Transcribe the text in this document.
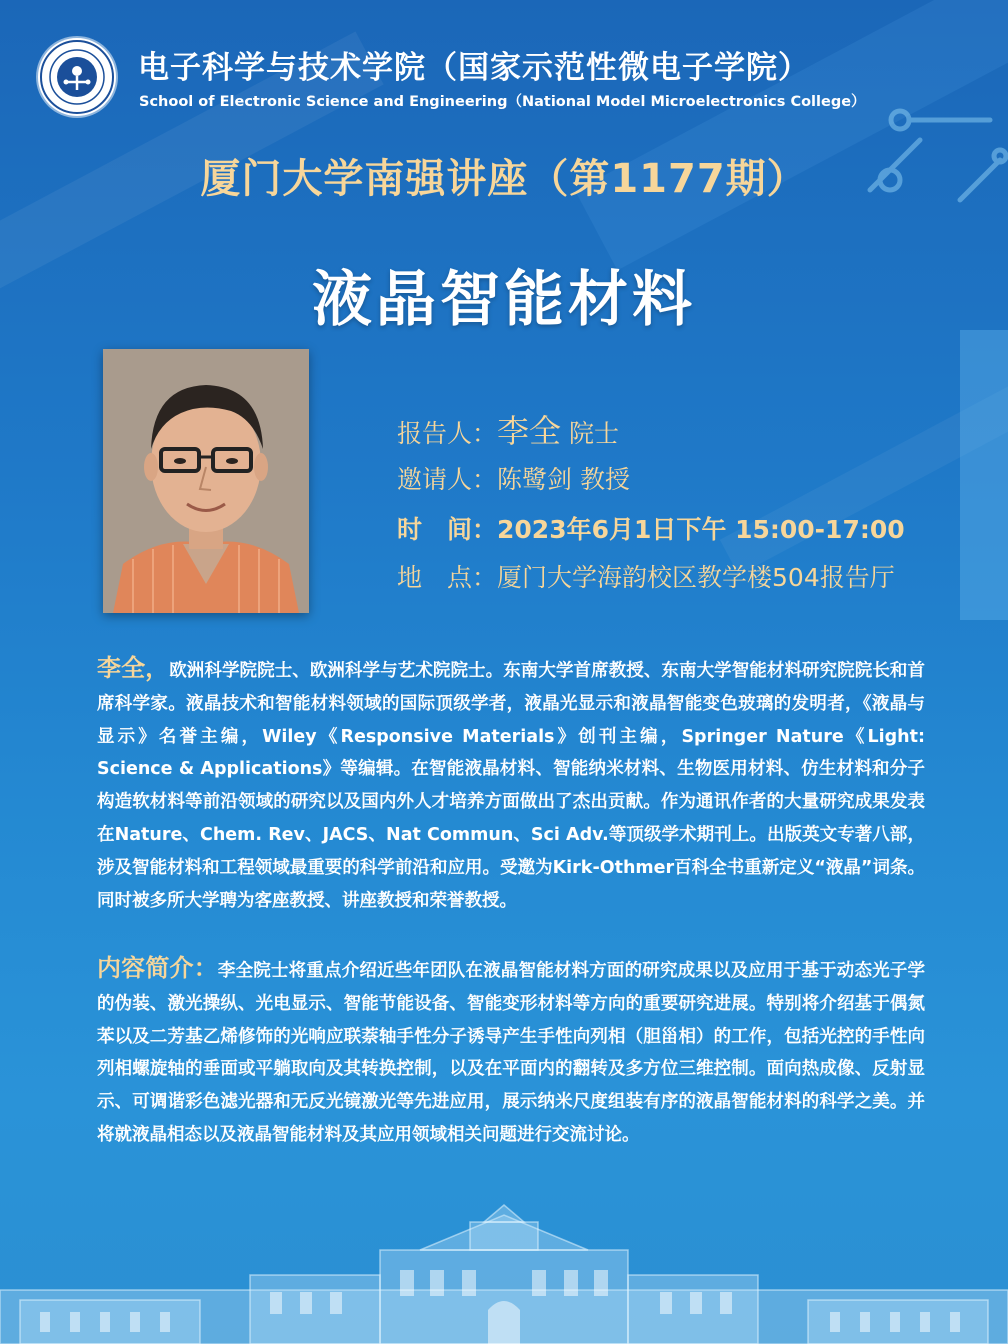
电子科学与技术学院（国家示范性微电子学院）
School of Electronic Science and Engineering（National Model Microelectronics College）
厦门大学南强讲座（第1177期）
液晶智能材料
报告人：李全 院士
邀请人：陈鹭剑 教授
时　间：2023年6月1日下午 15:00-17:00
地　点：厦门大学海韵校区教学楼504报告厅
李全，欧洲科学院院士、欧洲科学与艺术院院士。东南大学首席教授、东南大学智能材料研究院院长和首席科学家。液晶技术和智能材料领域的国际顶级学者，液晶光显示和液晶智能变色玻璃的发明者，《液晶与显示》名誉主编，Wiley《Responsive Materials》创刊主编，Springer Nature《Light: Science & Applications》等编辑。在智能液晶材料、智能纳米材料、生物医用材料、仿生材料和分子构造软材料等前沿领域的研究以及国内外人才培养方面做出了杰出贡献。作为通讯作者的大量研究成果发表在Nature、Chem. Rev、JACS、Nat Commun、Sci Adv.等顶级学术期刊上。出版英文专著八部，涉及智能材料和工程领域最重要的科学前沿和应用。受邀为Kirk-Othmer百科全书重新定义“液晶”词条。同时被多所大学聘为客座教授、讲座教授和荣誉教授。
内容简介：李全院士将重点介绍近些年团队在液晶智能材料方面的研究成果以及应用于基于动态光子学的伪装、激光操纵、光电显示、智能节能设备、智能变形材料等方向的重要研究进展。特别将介绍基于偶氮苯以及二芳基乙烯修饰的光响应联萘轴手性分子诱导产生手性向列相（胆甾相）的工作，包括光控的手性向列相螺旋轴的垂面或平躺取向及其转换控制，以及在平面内的翻转及多方位三维控制。面向热成像、反射显示、可调谐彩色滤光器和无反光镜激光等先进应用，展示纳米尺度组装有序的液晶智能材料的科学之美。并将就液晶相态以及液晶智能材料及其应用领域相关问题进行交流讨论。
